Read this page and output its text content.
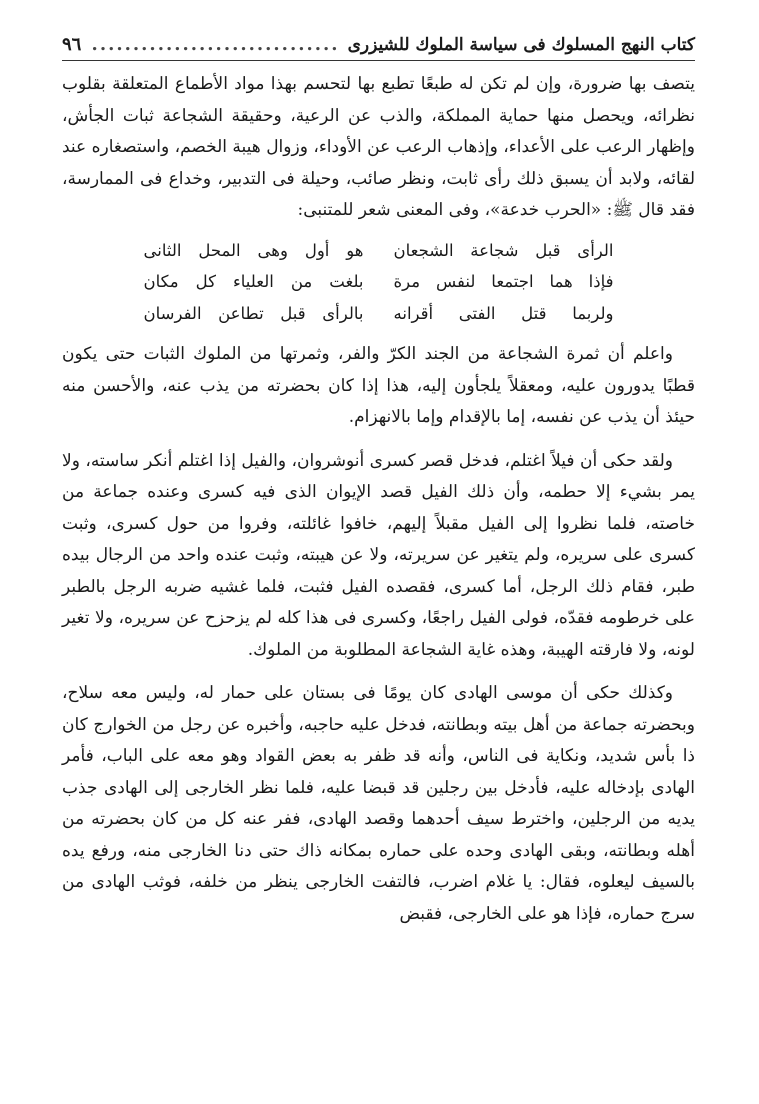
كتاب النهج المسلوك فى سياسة الملوك للشيزرى
.....
٩٦

يتصف بها ضرورة، وإن لم تكن له طبعًا تطبع بها لتحسم بهذا مواد الأطماع المتعلقة بقلوب نظرائه، ويحصل منها حماية المملكة، والذب عن الرعية، وحقيقة الشجاعة ثبات الجأش، وإظهار الرعب على الأعداء، وإذهاب الرعب عن الأوداء، وزوال هيبة الخصم، واستصغاره عند لقائه، ولابد أن يسبق ذلك رأى ثابت، ونظر صائب، وحيلة فى التدبير، وخداع فى الممارسة، فقد قال ﷺ: «الحرب خدعة»، وفى المعنى شعر للمتنبى:

الرأى قبل شجاعة الشجعان
هو أول وهى المحل الثانى
فإذا هما اجتمعا لنفس مرة
بلغت من العلياء كل مكان
ولربما قتل الفتى أقرانه
بالرأى قبل تطاعن الفرسان

واعلم أن ثمرة الشجاعة من الجند الكرّ والفر، وثمرتها من الملوك الثبات حتى يكون قطبًا يدورون عليه، ومعقلاً يلجأون إليه، هذا إذا كان بحضرته من يذب عنه، والأحسن منه حيئذ أن يذب عن نفسه، إما بالإقدام وإما بالانهزام.

ولقد حكى أن فيلاً اغتلم، فدخل قصر كسرى أنوشروان، والفيل إذا اغتلم أنكر ساسته، ولا يمر بشيء إلا حطمه، وأن ذلك الفيل قصد الإيوان الذى فيه كسرى وعنده جماعة من خاصته، فلما نظروا إلى الفيل مقبلاً إليهم، خافوا غائلته، وفروا من حول كسرى، وثبت كسرى على سريره، ولم يتغير عن سريرته، ولا عن هيبته، وثبت عنده واحد من الرجال بيده طبر، فقام ذلك الرجل، أما كسرى، فقصده الفيل فثبت، فلما غشيه ضربه الرجل بالطبر على خرطومه فقدّه، فولى الفيل راجعًا، وكسرى فى هذا كله لم يزحزح عن سريره، ولا تغير لونه، ولا فارقته الهيبة، وهذه غاية الشجاعة المطلوبة من الملوك.

وكذلك حكى أن موسى الهادى كان يومًا فى بستان على حمار له، وليس معه سلاح، وبحضرته جماعة من أهل بيته وبطانته، فدخل عليه حاجبه، وأخبره عن رجل من الخوارج كان ذا بأس شديد، ونكاية فى الناس، وأنه قد ظفر به بعض القواد وهو معه على الباب، فأمر الهادى بإدخاله عليه، فأدخل بين رجلين قد قبضا عليه، فلما نظر الخارجى إلى الهادى جذب يديه من الرجلين، واخترط سيف أحدهما وقصد الهادى، ففر عنه كل من كان بحضرته من أهله وبطانته، وبقى الهادى وحده على حماره بمكانه ذاك حتى دنا الخارجى منه، ورفع يده بالسيف ليعلوه، فقال: يا غلام اضرب، فالتفت الخارجى ينظر من خلفه، فوثب الهادى من سرج حماره، فإذا هو على الخارجى، فقبض
